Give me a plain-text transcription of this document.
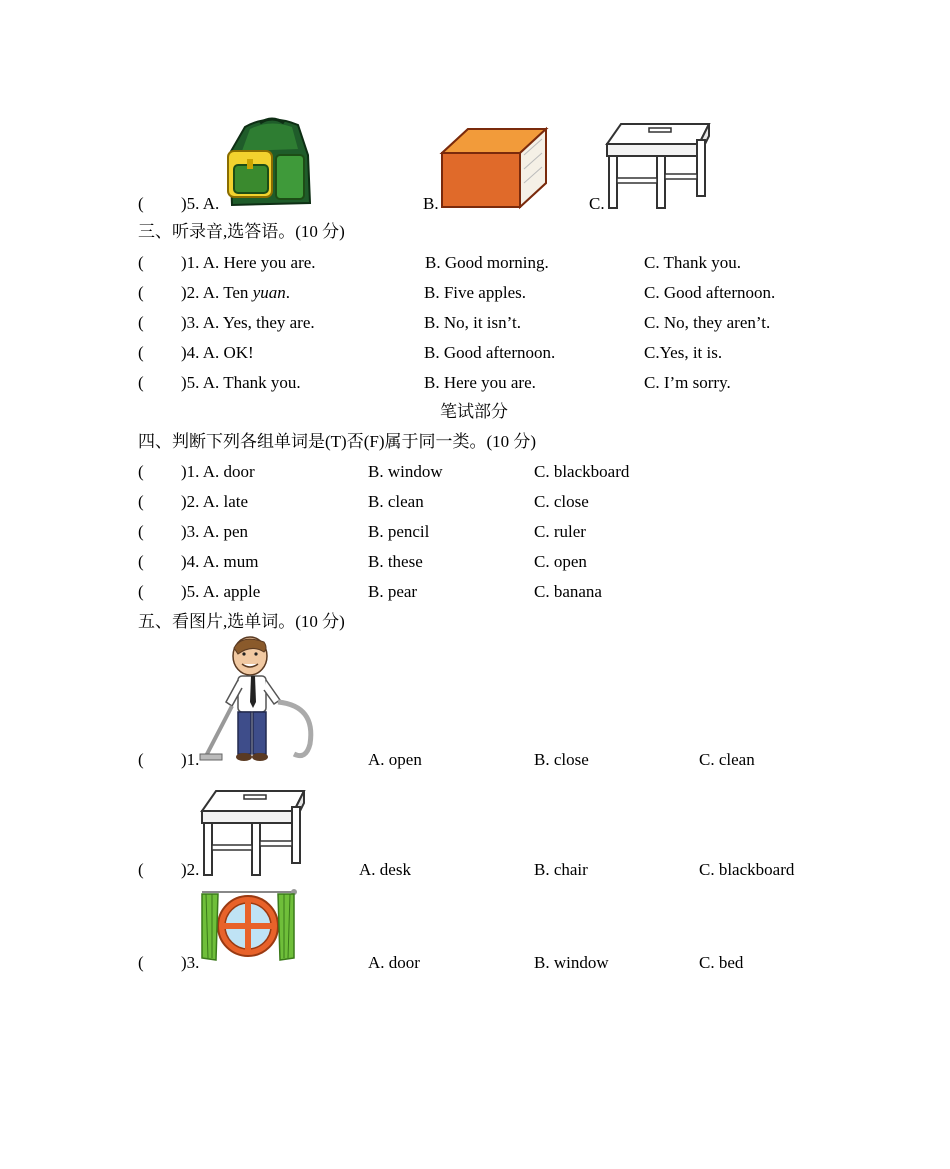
( )5. A.	B.	C.
三、听录音,选答语。(10 分)
( )1. A. Here you are.	B. Good morning.	C. Thank you.
( )2. A. Ten yuan.	B. Five apples.	C. Good afternoon.
( )3. A. Yes, they are.	B. No, it isn’t.	C. No, they aren’t.
( )4. A. OK!	B. Good afternoon.	C.Yes, it is.
( )5. A. Thank you.	B. Here you are.	C. I’m sorry.
笔试部分
四、判断下列各组单词是(T)否(F)属于同一类。(10 分)
( )1. A. door	B. window	C. blackboard
( )2. A. late	B. clean	C. close
( )3. A. pen	B. pencil	C. ruler
( )4. A. mum	B. these	C. open
( )5. A. apple	B. pear	C. banana
五、看图片,选单词。(10 分)
( )1.	A. open	B. close	C. clean
( )2.	A. desk	B. chair	C. blackboard
( )3.	A. door	B. window	C. bed
